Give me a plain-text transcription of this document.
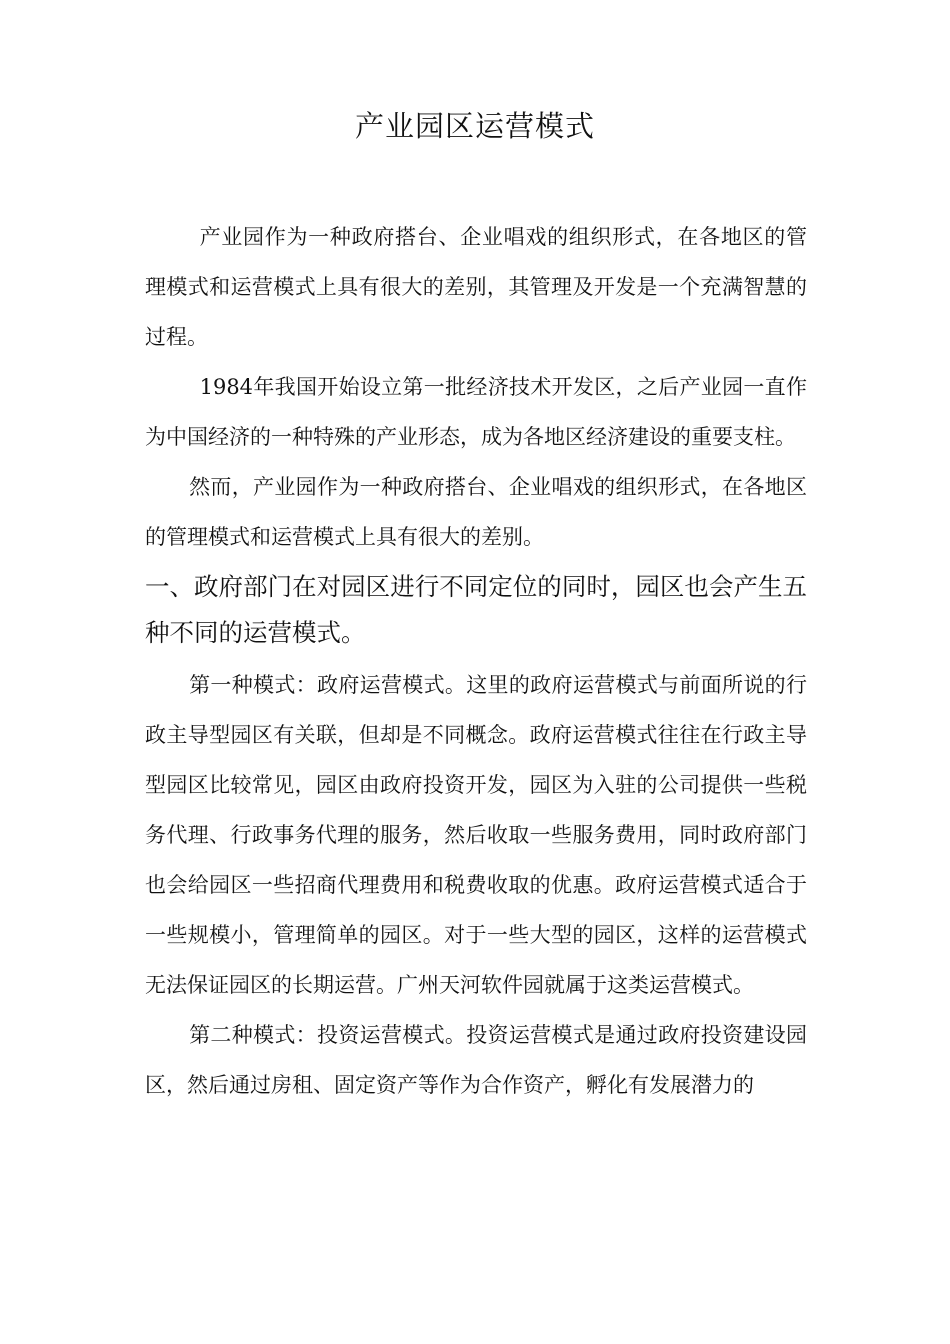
产业园区运营模式

产业园作为一种政府搭台、企业唱戏的组织形式，在各地区的管理模式和运营模式上具有很大的差别，其管理及开发是一个充满智慧的过程。

1984年我国开始设立第一批经济技术开发区，之后产业园一直作为中国经济的一种特殊的产业形态，成为各地区经济建设的重要支柱。

然而，产业园作为一种政府搭台、企业唱戏的组织形式，在各地区的管理模式和运营模式上具有很大的差别。

一、政府部门在对园区进行不同定位的同时，园区也会产生五种不同的运营模式。

第一种模式：政府运营模式。这里的政府运营模式与前面所说的行政主导型园区有关联，但却是不同概念。政府运营模式往往在行政主导型园区比较常见，园区由政府投资开发，园区为入驻的公司提供一些税务代理、行政事务代理的服务，然后收取一些服务费用，同时政府部门也会给园区一些招商代理费用和税费收取的优惠。政府运营模式适合于一些规模小，管理简单的园区。对于一些大型的园区，这样的运营模式无法保证园区的长期运营。广州天河软件园就属于这类运营模式。

第二种模式：投资运营模式。投资运营模式是通过政府投资建设园区，然后通过房租、固定资产等作为合作资产，孵化有发展潜力的
